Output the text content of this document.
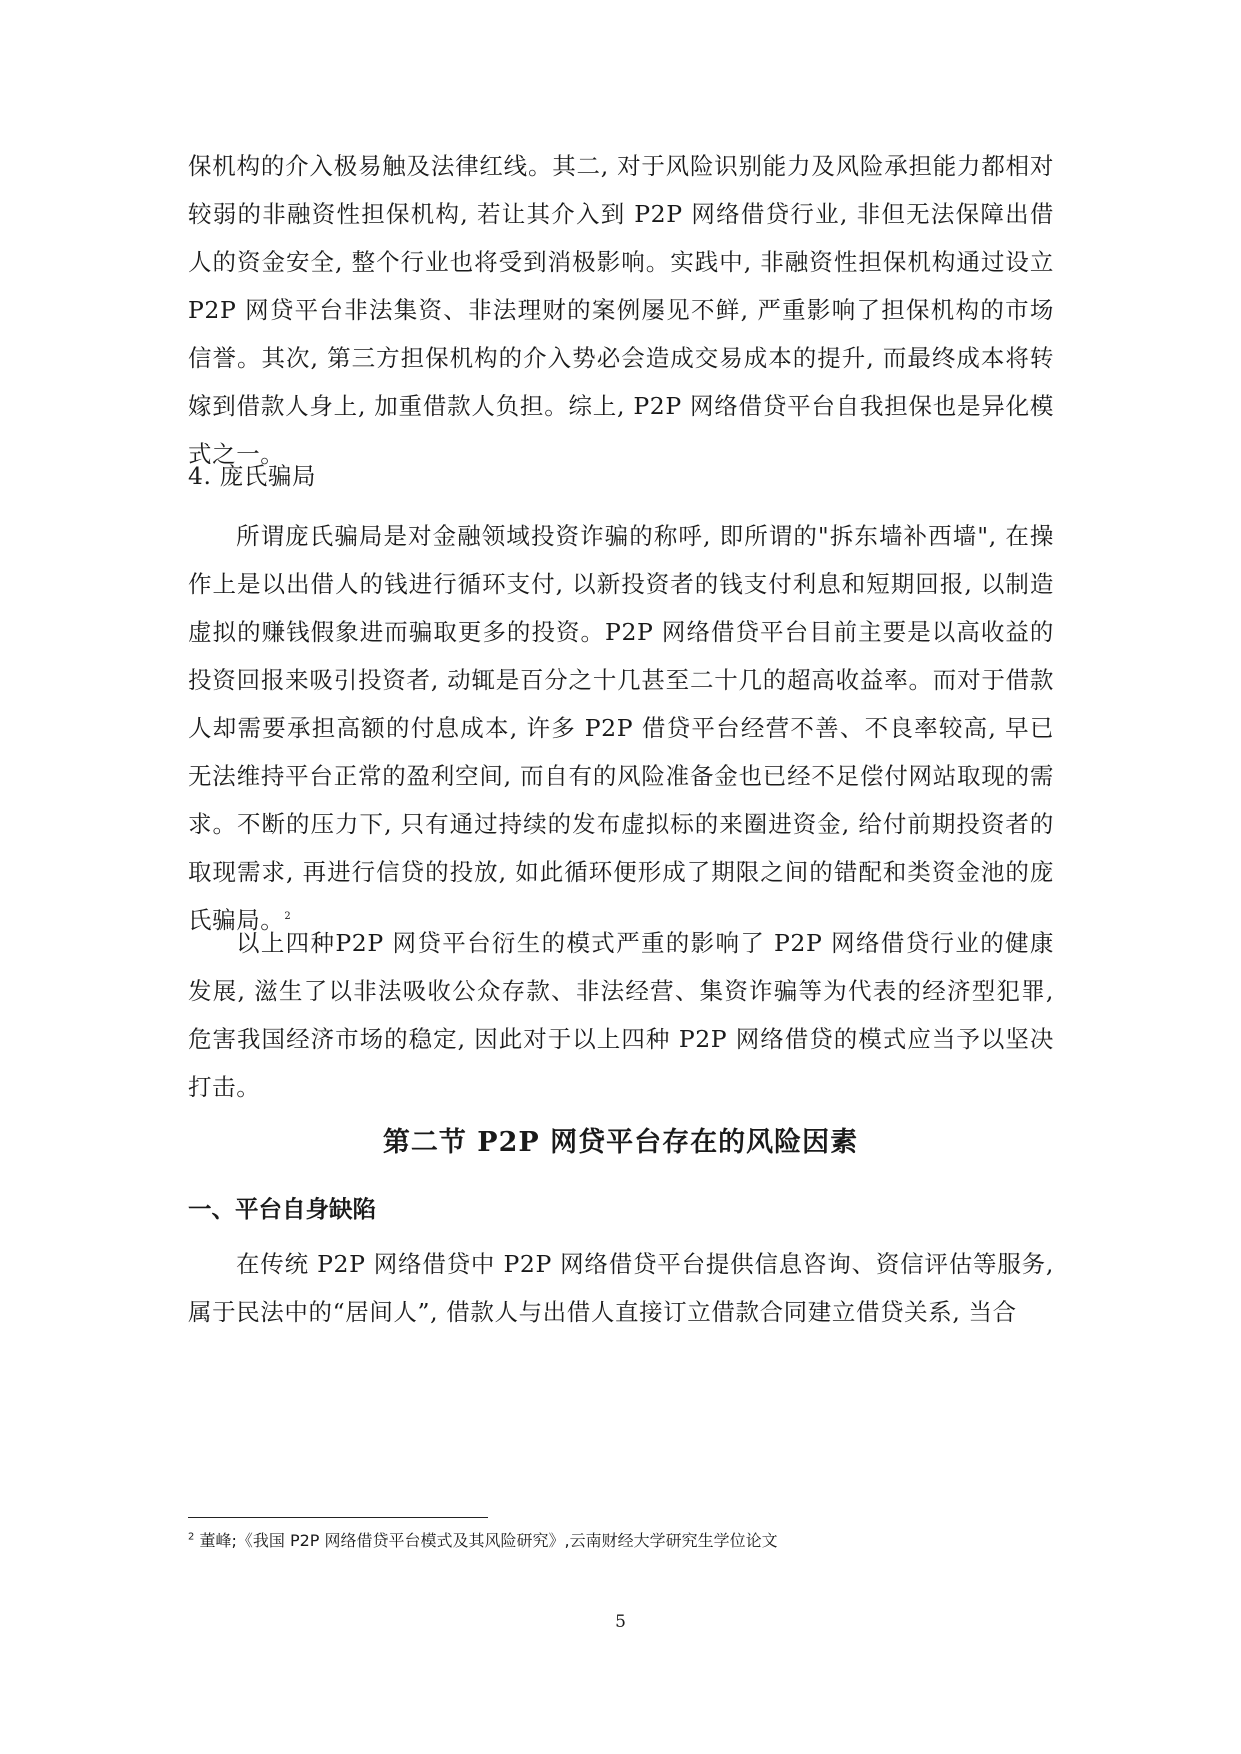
保机构的介入极易触及法律红线。其二, 对于风险识别能力及风险承担能力都相对较弱的非融资性担保机构, 若让其介入到 P2P 网络借贷行业, 非但无法保障出借人的资金安全, 整个行业也将受到消极影响。实践中, 非融资性担保机构通过设立 P2P 网贷平台非法集资、非法理财的案例屡见不鲜, 严重影响了担保机构的市场信誉。其次, 第三方担保机构的介入势必会造成交易成本的提升, 而最终成本将转嫁到借款人身上, 加重借款人负担。综上, P2P 网络借贷平台自我担保也是异化模式之一。

4. 庞氏骗局

所谓庞氏骗局是对金融领域投资诈骗的称呼, 即所谓的"拆东墙补西墙", 在操作上是以出借人的钱进行循环支付, 以新投资者的钱支付利息和短期回报, 以制造虚拟的赚钱假象进而骗取更多的投资。P2P 网络借贷平台目前主要是以高收益的投资回报来吸引投资者, 动辄是百分之十几甚至二十几的超高收益率。而对于借款人却需要承担高额的付息成本, 许多 P2P 借贷平台经营不善、不良率较高, 早已无法维持平台正常的盈利空间, 而自有的风险准备金也已经不足偿付网站取现的需求。不断的压力下, 只有通过持续的发布虚拟标的来圈进资金, 给付前期投资者的取现需求, 再进行信贷的投放, 如此循环便形成了期限之间的错配和类资金池的庞氏骗局。$^2$

以上四种P2P 网贷平台衍生的模式严重的影响了 P2P 网络借贷行业的健康发展, 滋生了以非法吸收公众存款、非法经营、集资诈骗等为代表的经济型犯罪, 危害我国经济市场的稳定, 因此对于以上四种 P2P 网络借贷的模式应当予以坚决打击。

第二节 P2P 网贷平台存在的风险因素
一、平台自身缺陷

在传统 P2P 网络借贷中 P2P 网络借贷平台提供信息咨询、资信评估等服务, 属于民法中的“居间人”, 借款人与出借人直接订立借款合同建立借贷关系, 当合

$^2$ 董峰;《我国 P2P 网络借贷平台模式及其风险研究》,云南财经大学研究生学位论文

5
